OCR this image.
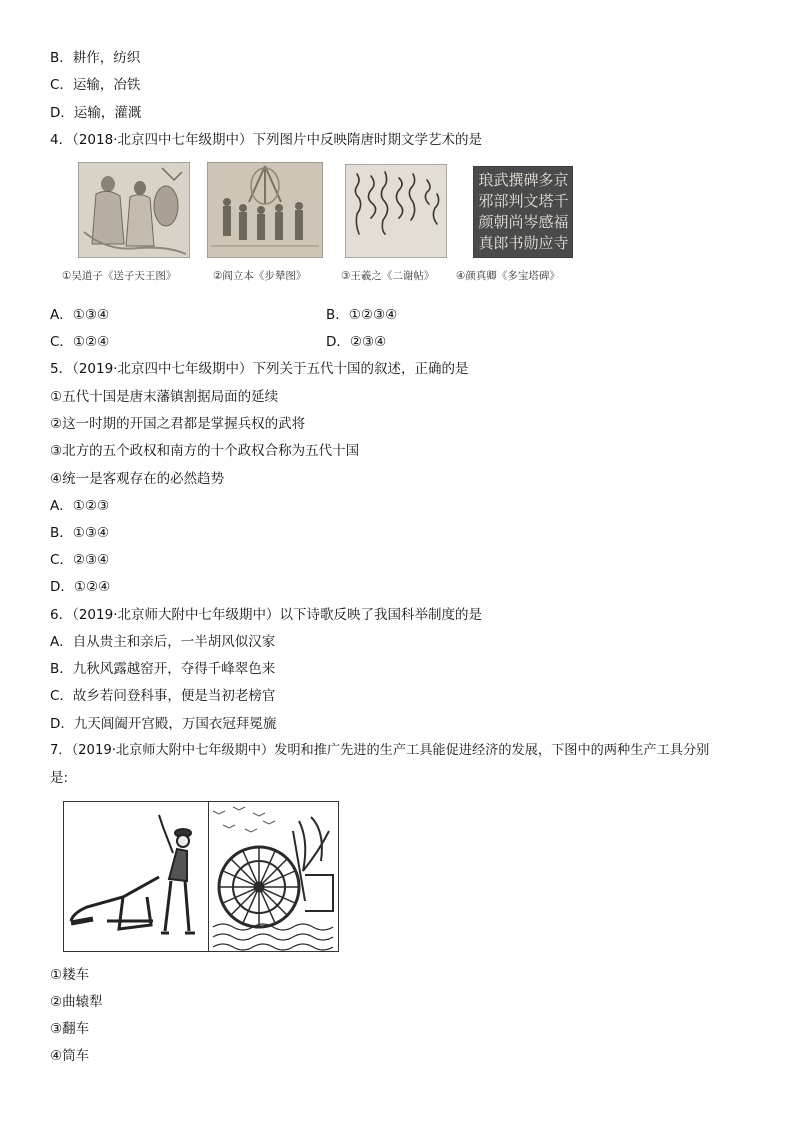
B．耕作，纺织
C．运输，冶铁
D．运输，灌溉
4．（2018·北京四中七年级期中）下列图片中反映隋唐时期文学艺术的是
①吴道子《送子天王图》	②阎立本《步辇图》	③王羲之《二谢帖》
京
千
福
寺
多
塔
感
应
碑
文
岑
勋
撰
判
尚
书
武
部
朝
郎
琅
邪
颜
真
④颜真卿《多宝塔碑》
A．①③④	B．①②③④
C．①②④	D．②③④
5．（2019·北京四中七年级期中）下列关于五代十国的叙述，正确的是
①五代十国是唐末藩镇割据局面的延续
②这一时期的开国之君都是掌握兵权的武将
③北方的五个政权和南方的十个政权合称为五代十国
④统一是客观存在的必然趋势
A．①②③
B．①③④
C．②③④
D．①②④
6．（2019·北京师大附中七年级期中）以下诗歌反映了我国科举制度的是
A．自从贵主和亲后，一半胡风似汉家
B．九秋风露越窑开，夺得千峰翠色来
C．故乡若问登科事，便是当初老榜官
D．九天阊阖开宫殿，万国衣冠拜冕旒
7．（2019·北京师大附中七年级期中）发明和推广先进的生产工具能促进经济的发展，下图中的两种生产工具分别
是:
①耧车
②曲辕犁
③翻车
④筒车
